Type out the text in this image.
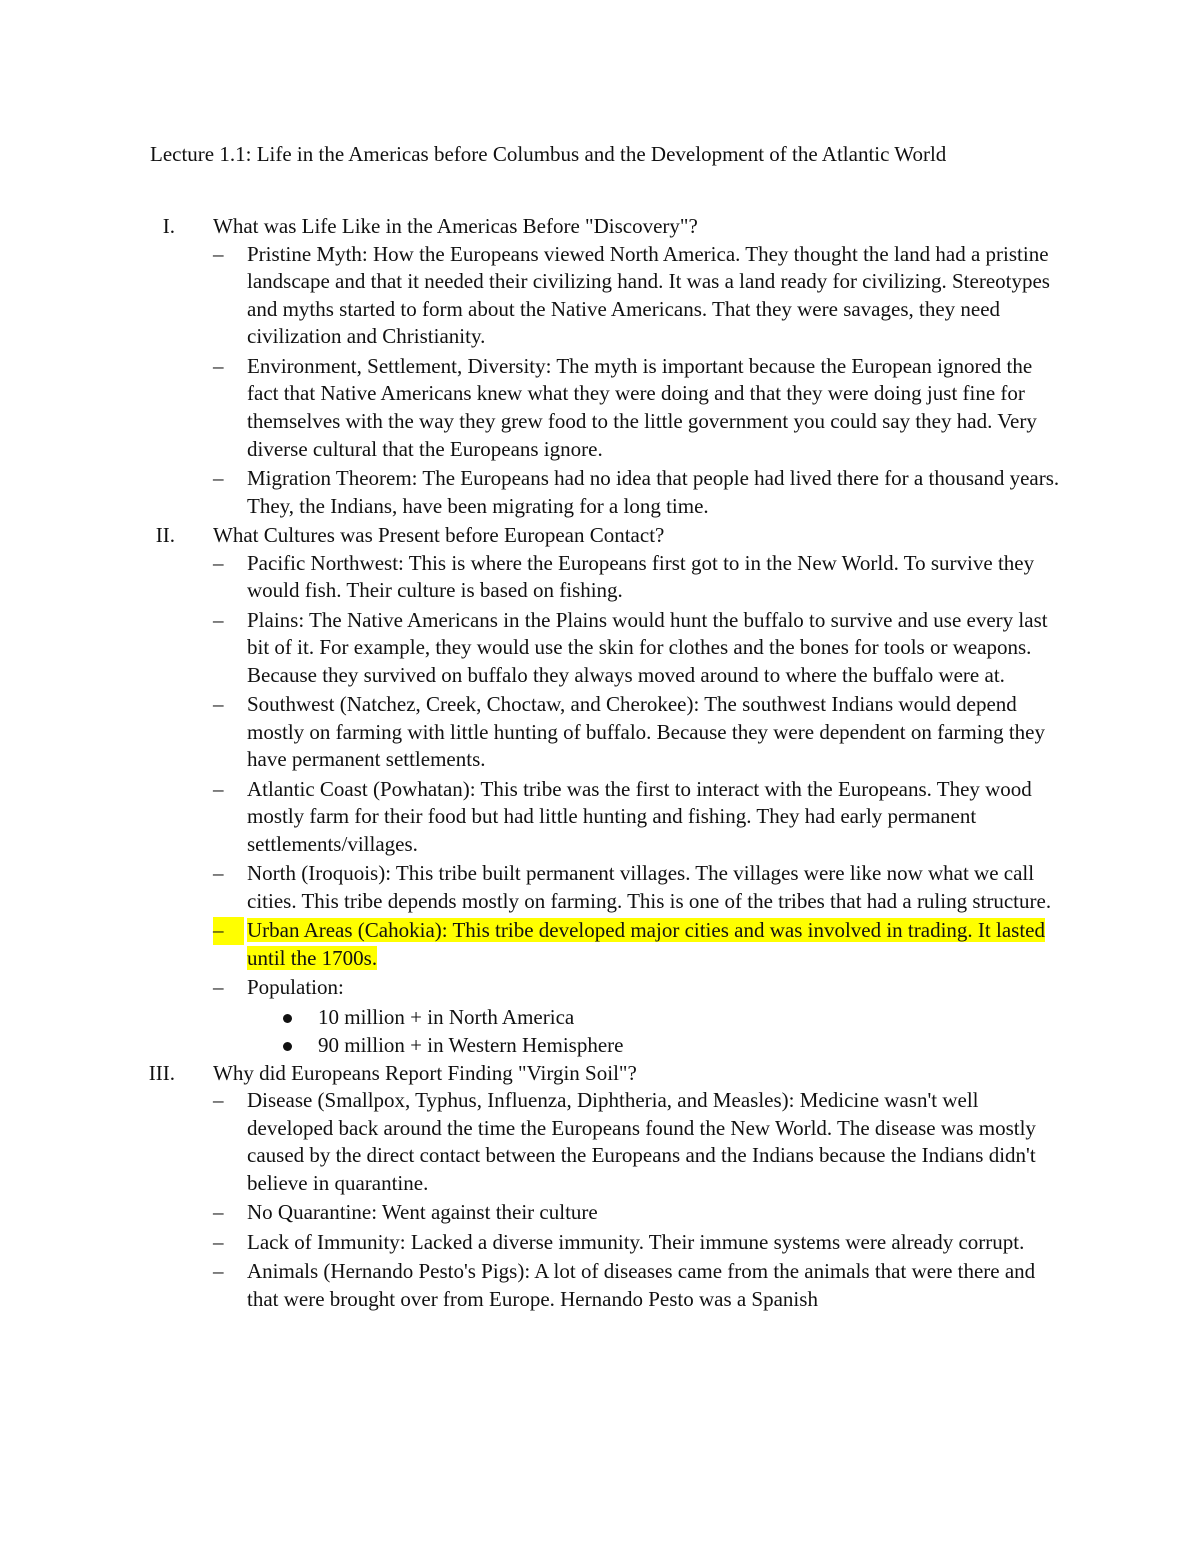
Lecture 1.1: Life in the Americas before Columbus and the Development of the Atlantic World
I. What was Life Like in the Americas Before "Discovery"?
– Pristine Myth: How the Europeans viewed North America. They thought the land had a pristine landscape and that it needed their civilizing hand. It was a land ready for civilizing. Stereotypes and myths started to form about the Native Americans. That they were savages, they need civilization and Christianity.
– Environment, Settlement, Diversity: The myth is important because the European ignored the fact that Native Americans knew what they were doing and that they were doing just fine for themselves with the way they grew food to the little government you could say they had. Very diverse cultural that the Europeans ignore.
– Migration Theorem: The Europeans had no idea that people had lived there for a thousand years. They, the Indians, have been migrating for a long time.
II. What Cultures was Present before European Contact?
– Pacific Northwest: This is where the Europeans first got to in the New World. To survive they would fish. Their culture is based on fishing.
– Plains: The Native Americans in the Plains would hunt the buffalo to survive and use every last bit of it. For example, they would use the skin for clothes and the bones for tools or weapons. Because they survived on buffalo they always moved around to where the buffalo were at.
– Southwest (Natchez, Creek, Choctaw, and Cherokee): The southwest Indians would depend mostly on farming with little hunting of buffalo. Because they were dependent on farming they have permanent settlements.
– Atlantic Coast (Powhatan): This tribe was the first to interact with the Europeans. They wood mostly farm for their food but had little hunting and fishing. They had early permanent settlements/villages.
– North (Iroquois): This tribe built permanent villages. The villages were like now what we call cities. This tribe depends mostly on farming. This is one of the tribes that had a ruling structure.
–	Urban Areas (Cahokia): This tribe developed major cities and was involved in trading. It lasted until the 1700s.
– Population:
10 million + in North America
90 million + in Western Hemisphere
III. Why did Europeans Report Finding "Virgin Soil"?
– Disease (Smallpox, Typhus, Influenza, Diphtheria, and Measles): Medicine wasn't well developed back around the time the Europeans found the New World. The disease was mostly caused by the direct contact between the Europeans and the Indians because the Indians didn't believe in quarantine.
– No Quarantine: Went against their culture
– Lack of Immunity: Lacked a diverse immunity. Their immune systems were already corrupt.
– Animals (Hernando Pesto's Pigs): A lot of diseases came from the animals that were there and that were brought over from Europe. Hernando Pesto was a Spanish
